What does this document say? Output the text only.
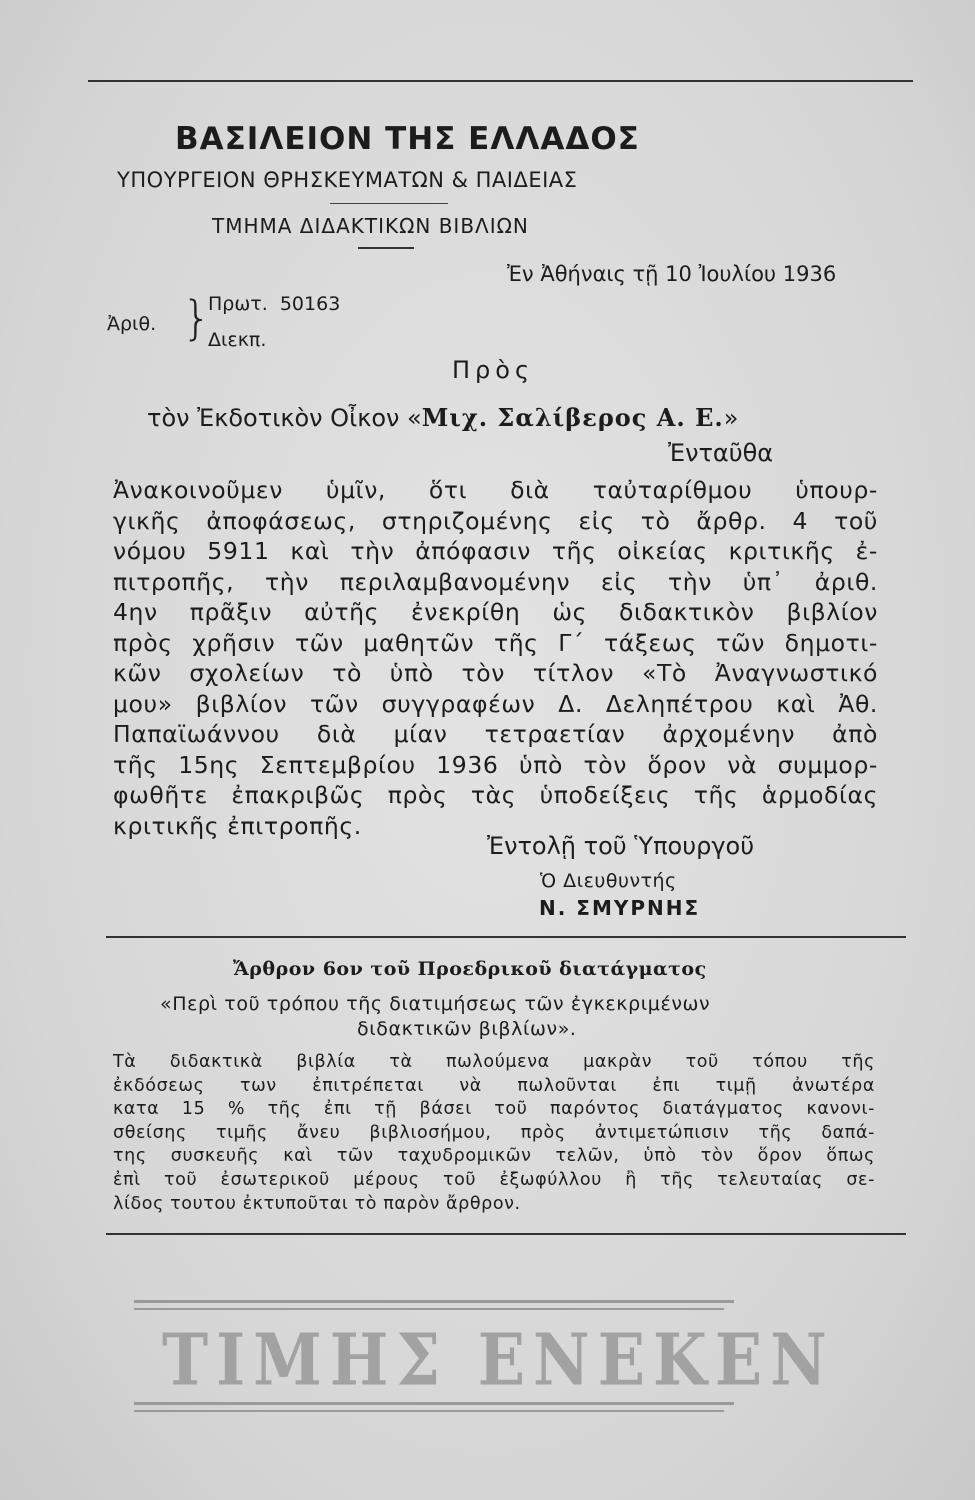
ΒΑΣΙΛΕΙΟΝ ΤΗΣ ΕΛΛΑΔΟΣ
ΥΠΟΥΡΓΕΙΟΝ ΘΡΗΣΚΕΥΜΑΤΩΝ & ΠΑΙΔΕΙΑΣ
ΤΜΗΜΑ ΔΙΔΑΚΤΙΚΩΝ ΒΙΒΛΙΩΝ
Ἐν Ἀθήναις τῇ 10 Ἰουλίου 1936
Ἀριθ. }
Πρωτ. 50163
Διεκπ.
Πρὸς
τὸν Ἐκδοτικὸν Οἶκον «Μιχ. Σαλίβερος Α. Ε.»
Ἐνταῦθα
Ἀνακοινοῦμεν ὑμῖν, ὅτι διὰ ταὐταρίθμου ὑπουρ-
γικῆς ἀποφάσεως, στηριζομένης εἰς τὸ ἄρθρ. 4 τοῦ
νόμου 5911 καὶ τὴν ἀπόφασιν τῆς οἰκείας κριτικῆς ἐ-
πιτροπῆς, τὴν περιλαμβανομένην εἰς τὴν ὑπ᾽ ἀριθ.
4ην πρᾶξιν αὐτῆς ἐνεκρίθη ὡς διδακτικὸν βιβλίον
πρὸς χρῆσιν τῶν μαθητῶν τῆς Γ΄ τάξεως τῶν δημοτι-
κῶν σχολείων τὸ ὑπὸ τὸν τίτλον «Τὸ Ἀναγνωστικό
μου» βιβλίον τῶν συγγραφέων Δ. Δεληπέτρου καὶ Ἀθ.
Παπαϊωάννου διὰ μίαν τετραετίαν ἀρχομένην ἀπὸ
τῆς 15ης Σεπτεμβρίου 1936 ὑπὸ τὸν ὅρον νὰ συμμορ-
φωθῆτε ἐπακριβῶς πρὸς τὰς ὑποδείξεις τῆς ἁρμοδίας
κριτικῆς ἐπιτροπῆς.
Ἐντολῇ τοῦ Ὑπουργοῦ
Ὁ Διευθυντής
Ν. ΣΜΥΡΝΗΣ
Ἄρθρον 6ον τοῦ Προεδρικοῦ διατάγματος
«Περὶ τοῦ τρόπου τῆς διατιμήσεως τῶν ἐγκεκριμένων
διδακτικῶν βιβλίων».
Τὰ διδακτικὰ βιβλία τὰ πωλούμενα μακρὰν τοῦ τόπου τῆς
ἐκδόσεως των ἐπιτρέπεται νὰ πωλοῦνται ἐπι τιμῇ ἀνωτέρα
κατα 15 % τῆς ἐπι τῇ βάσει τοῦ παρόντος διατάγματος κανονι-
σθείσης τιμῆς ἄνευ βιβλιοσήμου, πρὸς ἀντιμετώπισιν τῆς δαπά-
της συσκευῆς καὶ τῶν ταχυδρομικῶν τελῶν, ὑπὸ τὸν ὅρον ὅπως
ἐπὶ τοῦ ἐσωτερικοῦ μέρους τοῦ ἐξωφύλλου ἢ τῆς τελευταίας σε-
λίδος τουτου ἐκτυποῦται τὸ παρὸν ἄρθρον.
ΤΙΜΗΣ ΕΝΕΚΕΝ
